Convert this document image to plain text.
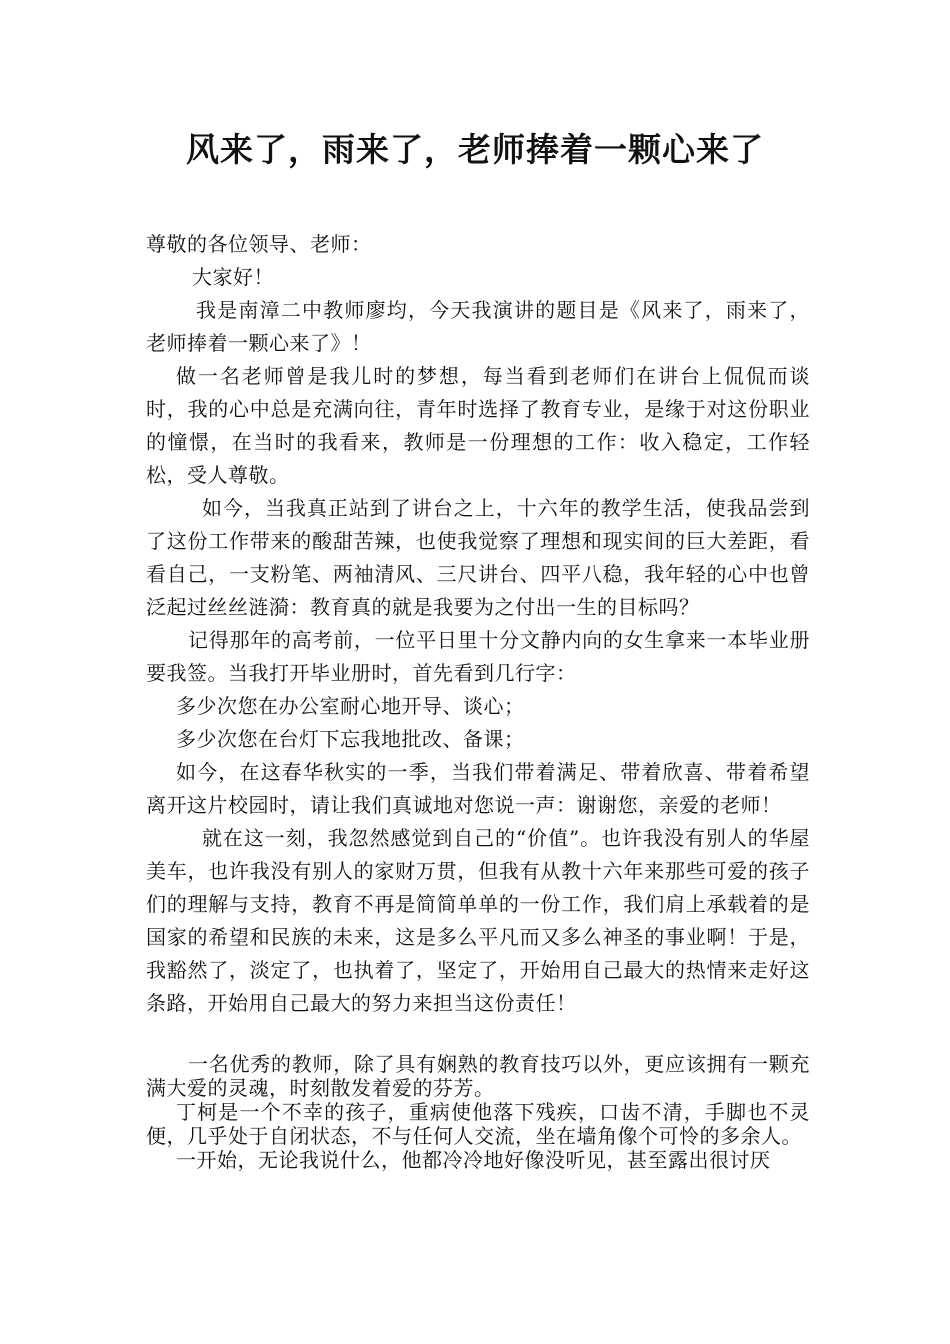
风来了，雨来了，老师捧着一颗心来了

尊敬的各位领导、老师：

大家好！

我是南漳二中教师廖均，今天我演讲的题目是《风来了，雨来了，老师捧着一颗心来了》！

做一名老师曾是我儿时的梦想，每当看到老师们在讲台上侃侃而谈时，我的心中总是充满向往，青年时选择了教育专业，是缘于对这份职业的憧憬，在当时的我看来，教师是一份理想的工作：收入稳定，工作轻松，受人尊敬。

如今，当我真正站到了讲台之上，十六年的教学生活，使我品尝到了这份工作带来的酸甜苦辣，也使我觉察了理想和现实间的巨大差距，看看自己，一支粉笔、两袖清风、三尺讲台、四平八稳，我年轻的心中也曾泛起过丝丝涟漪：教育真的就是我要为之付出一生的目标吗？

记得那年的高考前，一位平日里十分文静内向的女生拿来一本毕业册要我签。当我打开毕业册时，首先看到几行字：

多少次您在办公室耐心地开导、谈心；

多少次您在台灯下忘我地批改、备课；

如今，在这春华秋实的一季，当我们带着满足、带着欣喜、带着希望离开这片校园时，请让我们真诚地对您说一声：谢谢您，亲爱的老师！

就在这一刻，我忽然感觉到自己的“价值”。也许我没有别人的华屋美车，也许我没有别人的家财万贯，但我有从教十六年来那些可爱的孩子们的理解与支持，教育不再是简简单单的一份工作，我们肩上承载着的是国家的希望和民族的未来，这是多么平凡而又多么神圣的事业啊！于是，我豁然了，淡定了，也执着了，坚定了，开始用自己最大的热情来走好这条路，开始用自己最大的努力来担当这份责任！

一名优秀的教师，除了具有娴熟的教育技巧以外，更应该拥有一颗充满大爱的灵魂，时刻散发着爱的芬芳。

丁柯是一个不幸的孩子，重病使他落下残疾，口齿不清，手脚也不灵便，几乎处于自闭状态，不与任何人交流，坐在墙角像个可怜的多余人。

一开始，无论我说什么，他都冷冷地好像没听见，甚至露出很讨厌
